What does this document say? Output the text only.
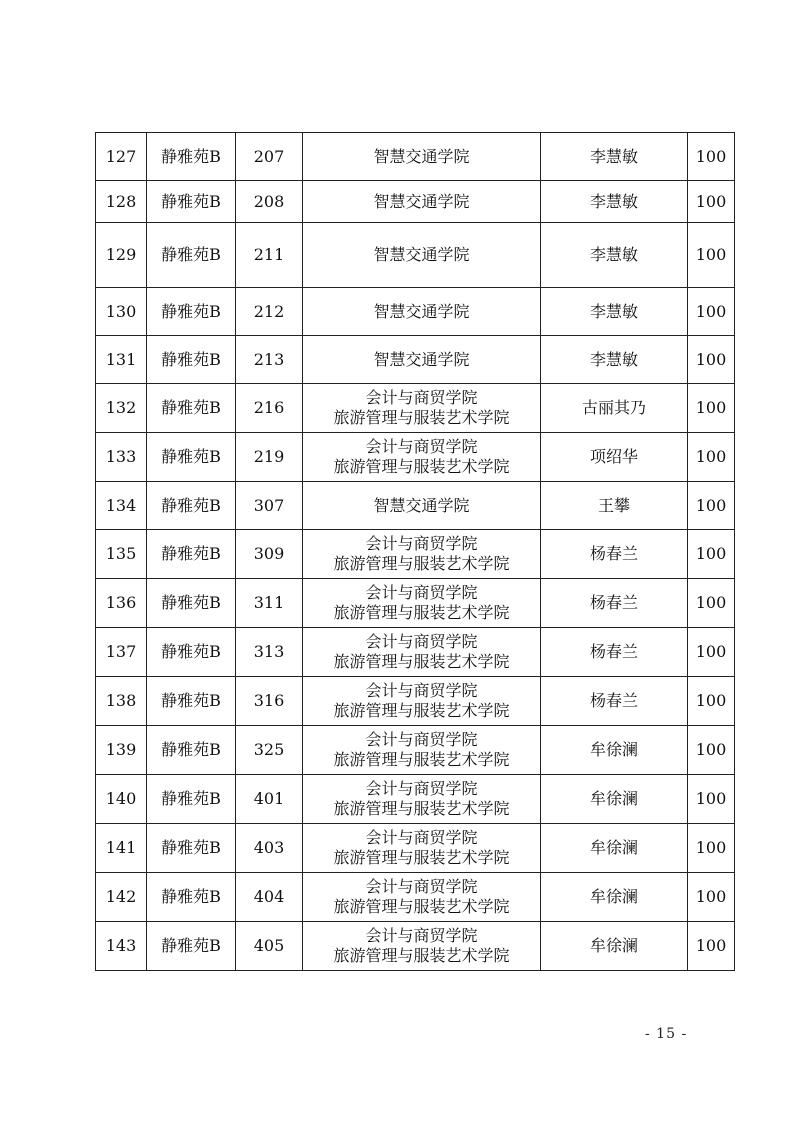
127	静雅苑B	207	智慧交通学院	李慧敏	100
128	静雅苑B	208	智慧交通学院	李慧敏	100
129	静雅苑B	211	智慧交通学院	李慧敏	100
130	静雅苑B	212	智慧交通学院	李慧敏	100
131	静雅苑B	213	智慧交通学院	李慧敏	100
132	静雅苑B	216	会计与商贸学院
旅游管理与服装艺术学院	古丽其乃	100
133	静雅苑B	219	会计与商贸学院
旅游管理与服装艺术学院	项绍华	100
134	静雅苑B	307	智慧交通学院	王攀	100
135	静雅苑B	309	会计与商贸学院
旅游管理与服装艺术学院	杨春兰	100
136	静雅苑B	311	会计与商贸学院
旅游管理与服装艺术学院	杨春兰	100
137	静雅苑B	313	会计与商贸学院
旅游管理与服装艺术学院	杨春兰	100
138	静雅苑B	316	会计与商贸学院
旅游管理与服装艺术学院	杨春兰	100
139	静雅苑B	325	会计与商贸学院
旅游管理与服装艺术学院	牟徐澜	100
140	静雅苑B	401	会计与商贸学院
旅游管理与服装艺术学院	牟徐澜	100
141	静雅苑B	403	会计与商贸学院
旅游管理与服装艺术学院	牟徐澜	100
142	静雅苑B	404	会计与商贸学院
旅游管理与服装艺术学院	牟徐澜	100
143	静雅苑B	405	会计与商贸学院
旅游管理与服装艺术学院	牟徐澜	100
- 15 -
